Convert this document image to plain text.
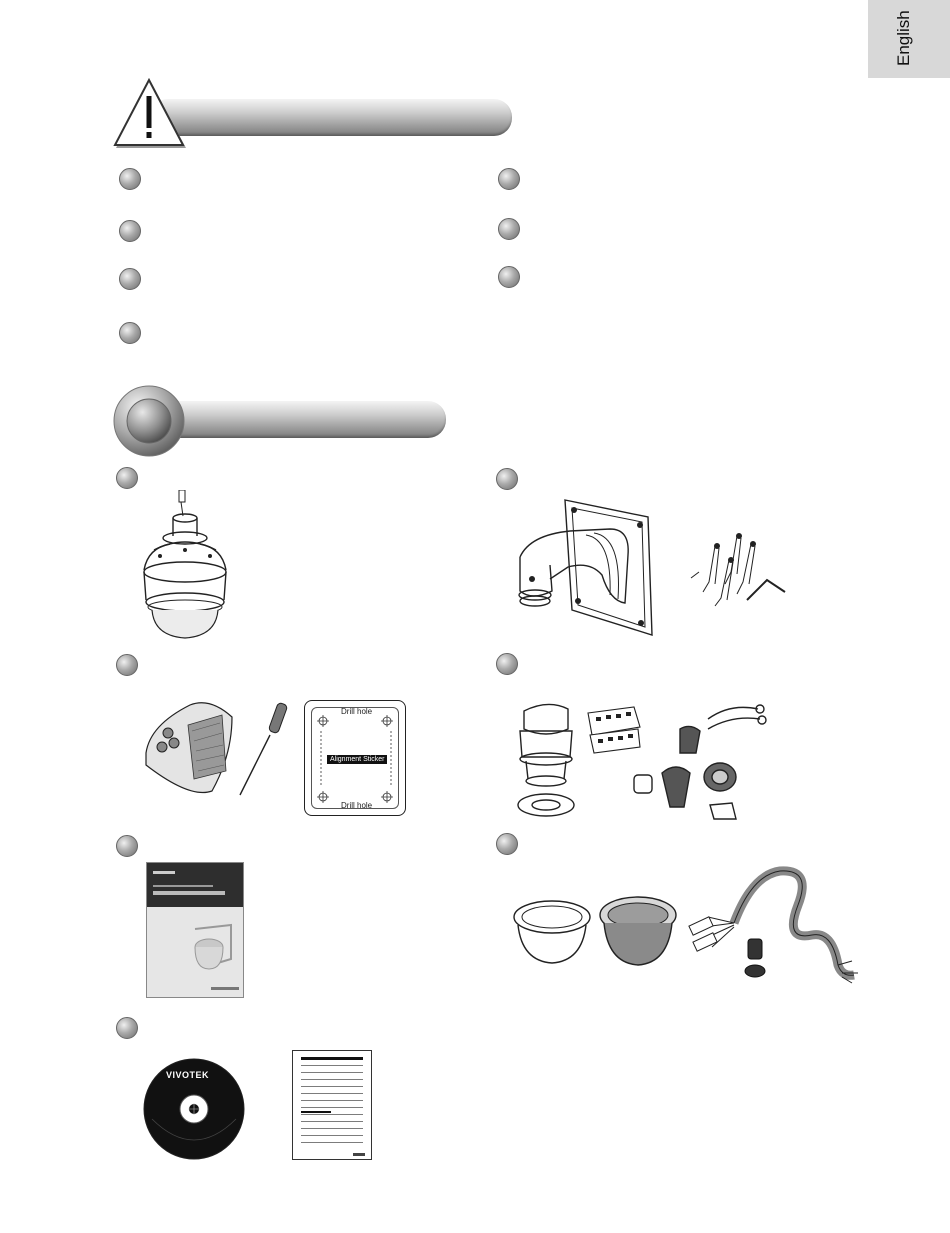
English
Drill hole
Alignment Sticker
Drill hole
VIVOTEK
